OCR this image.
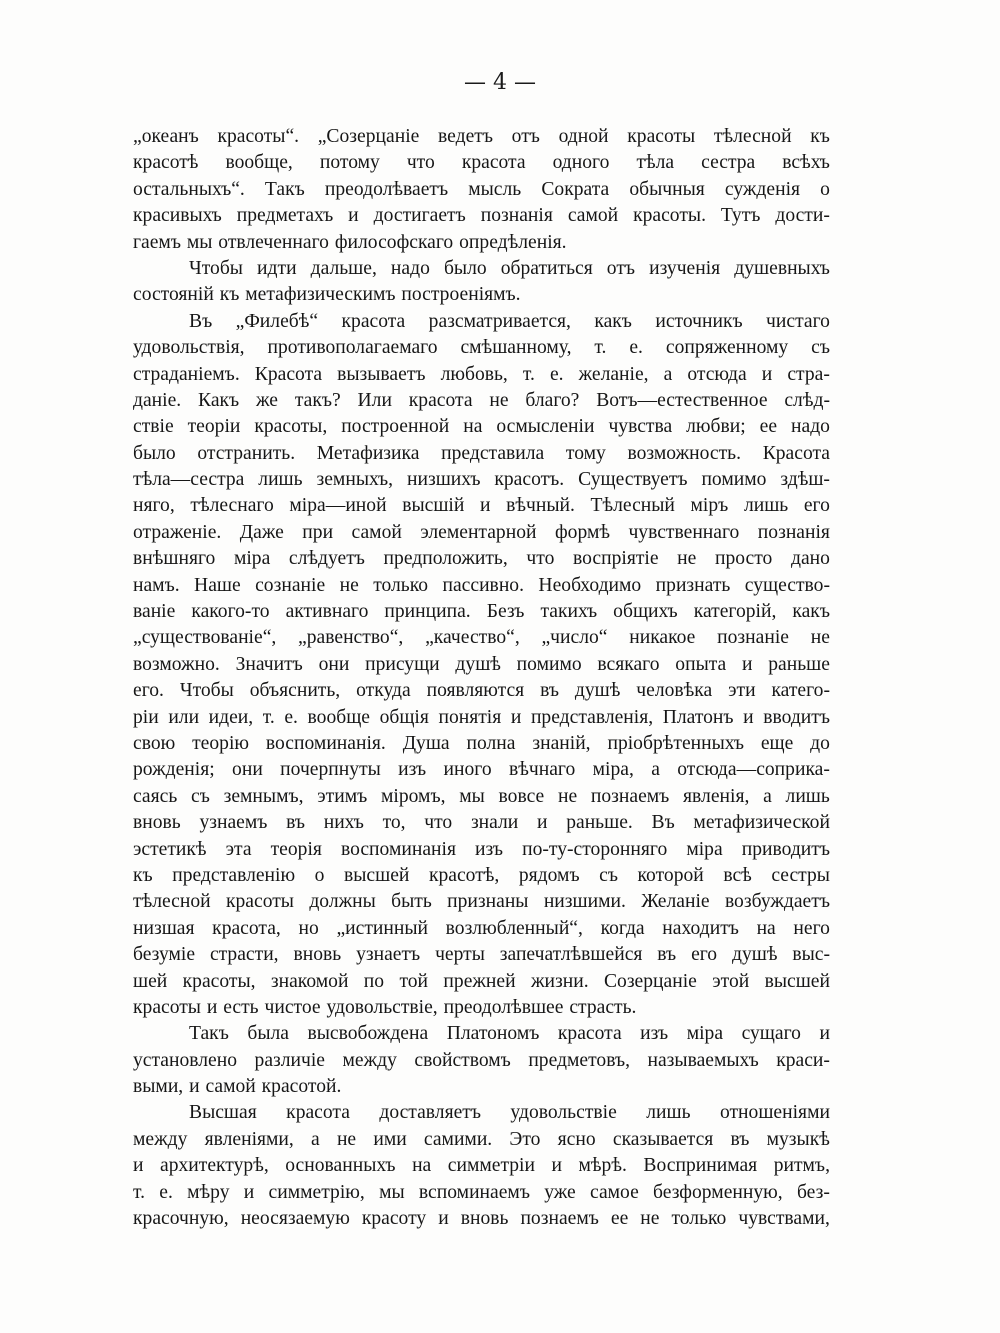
— 4 —
„океанъ красоты“. „Созерцаніе ведетъ отъ одной красоты тѣлесной къ
красотѣ вообще, потому что красота одного тѣла сестра всѣхъ
остальныхъ“. Такъ преодолѣваетъ мысль Сократа обычныя сужденія о
красивыхъ предметахъ и достигаетъ познанія самой красоты. Тутъ дости-
гаемъ мы отвлеченнаго философскаго опредѣленія.
Чтобы идти дальше, надо было обратиться отъ изученія душевныхъ
состояній къ метафизическимъ построеніямъ.
Въ „Филебѣ“ красота разсматривается, какъ источникъ чистаго
удовольствія, противополагаемаго смѣшанному, т. е. сопряженному съ
страданіемъ. Красота вызываетъ любовь, т. е. желаніе, а отсюда и стра-
даніе. Какъ же такъ? Или красота не благо? Вотъ—естественное слѣд-
ствіе теоріи красоты, построенной на осмысленіи чувства любви; ее надо
было отстранить. Метафизика представила тому возможность. Красота
тѣла—сестра лишь земныхъ, низшихъ красотъ. Существуетъ помимо здѣш-
няго, тѣлеснаго міра—иной высшій и вѣчный. Тѣлесный міръ лишь его
отраженіе. Даже при самой элементарной формѣ чувственнаго познанія
внѣшняго міра слѣдуетъ предположить, что воспріятіе не просто дано
намъ. Наше сознаніе не только пассивно. Необходимо признать существо-
ваніе какого-то активнаго принципа. Безъ такихъ общихъ категорій, какъ
„существованіе“, „равенство“, „качество“, „число“ никакое познаніе не
возможно. Значитъ они присущи душѣ помимо всякаго опыта и раньше
его. Чтобы объяснить, откуда появляются въ душѣ человѣка эти катего-
ріи или идеи, т. е. вообще общія понятія и представленія, Платонъ и вводитъ
свою теорію воспоминанія. Душа полна знаній, пріобрѣтенныхъ еще до
рожденія; они почерпнуты изъ иного вѣчнаго міра, а отсюда—соприка-
саясь съ земнымъ, этимъ міромъ, мы вовсе не познаемъ явленія, а лишь
вновь узнаемъ въ нихъ то, что знали и раньше. Въ метафизической
эстетикѣ эта теорія воспоминанія изъ по-ту-сторонняго міра приводитъ
къ представленію о высшей красотѣ, рядомъ съ которой всѣ сестры
тѣлесной красоты должны быть признаны низшими. Желаніе возбуждаетъ
низшая красота, но „истинный возлюбленный“, когда находитъ на него
безуміе страсти, вновь узнаетъ черты запечатлѣвшейся въ его душѣ выс-
шей красоты, знакомой по той прежней жизни. Созерцаніе этой высшей
красоты и есть чистое удовольствіе, преодолѣвшее страсть.
Такъ была высвобождена Платономъ красота изъ міра сущаго и
установлено различіе между свойствомъ предметовъ, называемыхъ краси-
выми, и самой красотой.
Высшая красота доставляетъ удовольствіе лишь отношеніями
между явленіями, а не ими самими. Это ясно сказывается въ музыкѣ
и архитектурѣ, основанныхъ на симметріи и мѣрѣ. Воспринимая ритмъ,
т. е. мѣру и симметрію, мы вспоминаемъ уже самое безформенную, без-
красочную, неосязаемую красоту и вновь познаемъ ее не только чувствами,
